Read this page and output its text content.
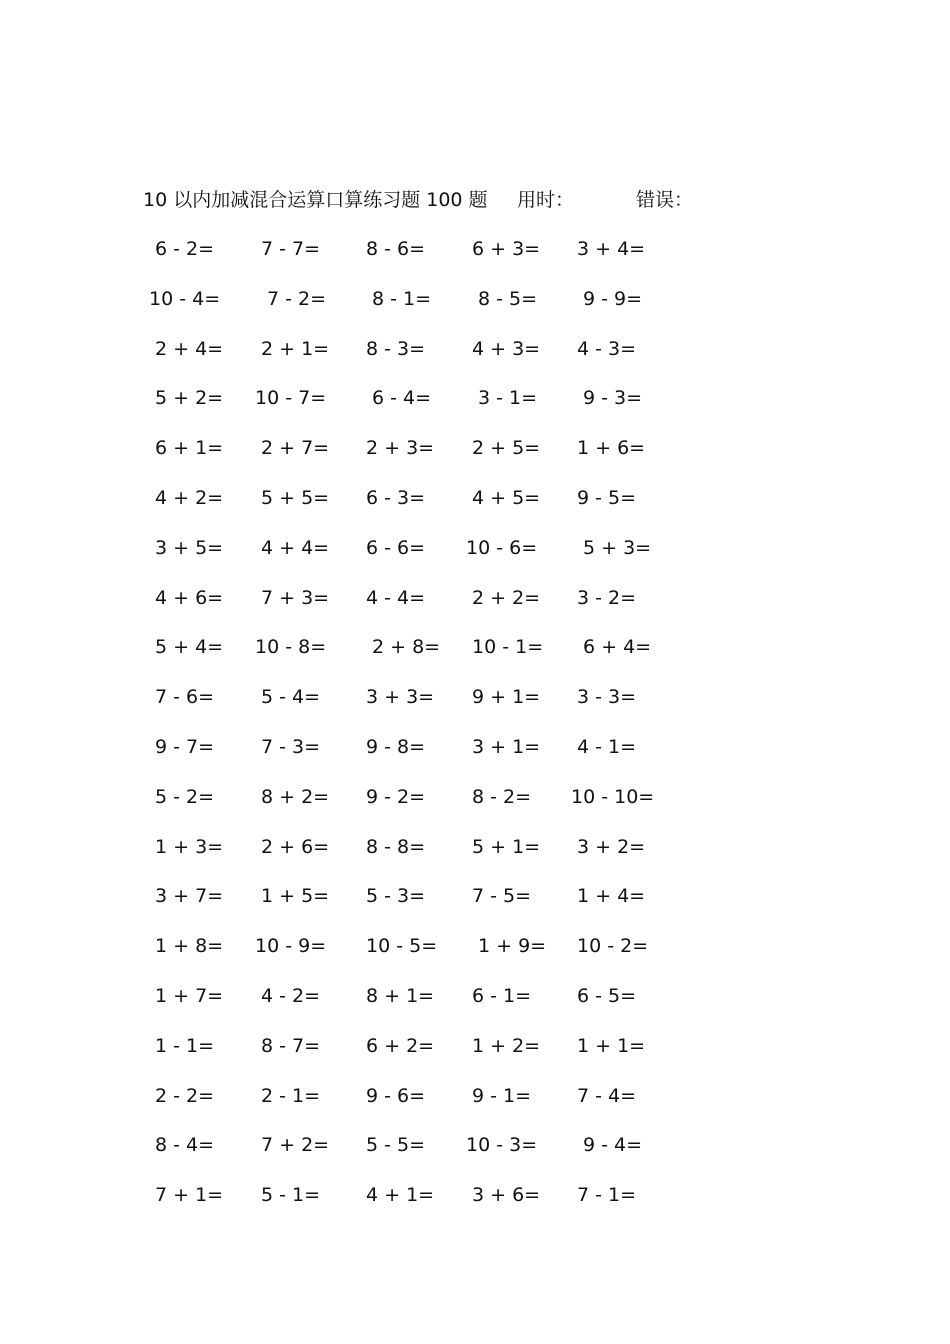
10 以内加减混合运算口算练习题 100 题 用时：	错误：
6 - 2= 7 - 7= 8 - 6= 6 + 3= 3 + 4=
10 - 4= 7 - 2= 8 - 1= 8 - 5= 9 - 9=
2 + 4= 2 + 1= 8 - 3= 4 + 3= 4 - 3=
5 + 2= 10 - 7= 6 - 4= 3 - 1= 9 - 3=
6 + 1= 2 + 7= 2 + 3= 2 + 5= 1 + 6=
4 + 2= 5 + 5= 6 - 3= 4 + 5= 9 - 5=
3 + 5= 4 + 4= 6 - 6= 10 - 6= 5 + 3=
4 + 6= 7 + 3= 4 - 4= 2 + 2= 3 - 2=
5 + 4= 10 - 8= 2 + 8= 10 - 1= 6 + 4=
7 - 6= 5 - 4= 3 + 3= 9 + 1= 3 - 3=
9 - 7= 7 - 3= 9 - 8= 3 + 1= 4 - 1=
5 - 2= 8 + 2= 9 - 2= 8 - 2= 10 - 10=
1 + 3= 2 + 6= 8 - 8= 5 + 1= 3 + 2=
3 + 7= 1 + 5= 5 - 3= 7 - 5= 1 + 4=
1 + 8= 10 - 9= 10 - 5= 1 + 9= 10 - 2=
1 + 7= 4 - 2= 8 + 1= 6 - 1= 6 - 5=
1 - 1= 8 - 7= 6 + 2= 1 + 2= 1 + 1=
2 - 2= 2 - 1= 9 - 6= 9 - 1= 7 - 4=
8 - 4= 7 + 2= 5 - 5= 10 - 3= 9 - 4=
7 + 1= 5 - 1= 4 + 1= 3 + 6= 7 - 1=
